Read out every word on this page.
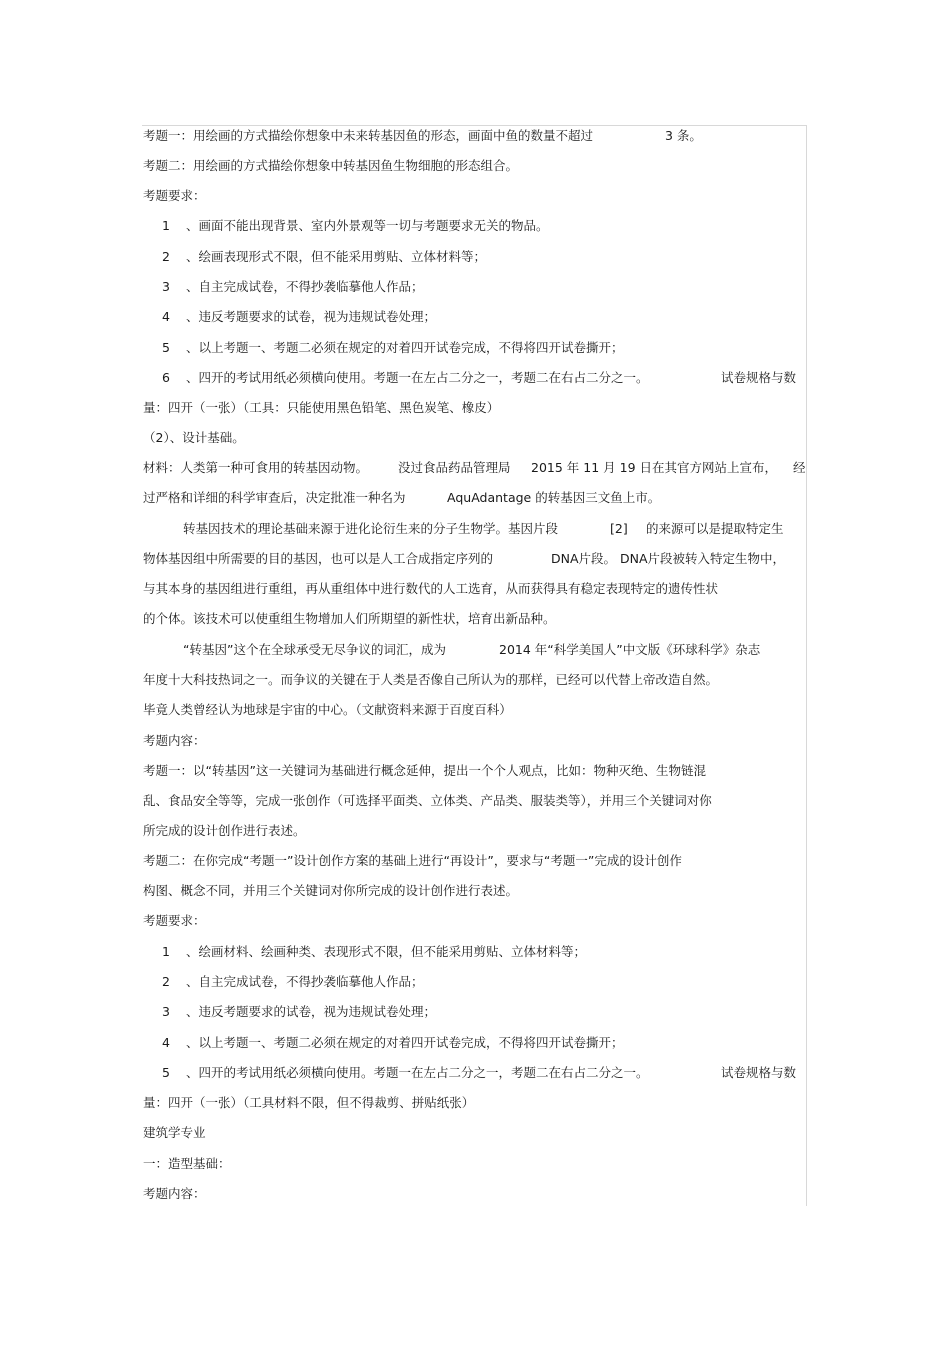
考题一：用绘画的方式描绘你想象中未来转基因鱼的形态，画面中鱼的数量不超过	3 条。
考题二：用绘画的方式描绘你想象中转基因鱼生物细胞的形态组合。
考题要求：
1	、画面不能出现背景、室内外景观等一切与考题要求无关的物品。
2	、绘画表现形式不限，但不能采用剪贴、立体材料等；
3	、自主完成试卷，不得抄袭临摹他人作品；
4	、违反考题要求的试卷，视为违规试卷处理；
5	、以上考题一、考题二必须在规定的对着四开试卷完成，不得将四开试卷撕开；
6	、四开的考试用纸必须横向使用。考题一在左占二分之一，考题二在右占二分之一。	试卷规格与数
量：四开（一张）（工具：只能使用黑色铅笔、黑色炭笔、橡皮）
（2）、设计基础。
材料：人类第一种可食用的转基因动物。 没过食品药品管理局 2015 年 11 月 19 日在其官方网站上宣布， 经
过严格和详细的科学审查后，决定批准一种名为	AquAdantage 的转基因三文鱼上市。
转基因技术的理论基础来源于进化论衍生来的分子生物学。基因片段	[2] 的来源可以是提取特定生
物体基因组中所需要的目的基因，也可以是人工合成指定序列的	DNA片段。 DNA片段被转入特定生物中，
与其本身的基因组进行重组，再从重组体中进行数代的人工选育，从而获得具有稳定表现特定的遗传性状
的个体。该技术可以使重组生物增加人们所期望的新性状，培育出新品种。
“转基因”这个在全球承受无尽争议的词汇，成为	2014 年“科学美国人”中文版《环球科学》杂志
年度十大科技热词之一。而争议的关键在于人类是否像自己所认为的那样，已经可以代替上帝改造自然。
毕竟人类曾经认为地球是宇宙的中心。（文献资料来源于百度百科）
考题内容：
考题一：以“转基因”这一关键词为基础进行概念延伸，提出一个个人观点，比如：物种灭绝、生物链混
乱、食品安全等等，完成一张创作（可选择平面类、立体类、产品类、服装类等），并用三个关键词对你
所完成的设计创作进行表述。
考题二：在你完成“考题一”设计创作方案的基础上进行“再设计”，要求与“考题一”完成的设计创作
构图、概念不同，并用三个关键词对你所完成的设计创作进行表述。
考题要求：
1	、绘画材料、绘画种类、表现形式不限，但不能采用剪贴、立体材料等；
2	、自主完成试卷，不得抄袭临摹他人作品；
3	、违反考题要求的试卷，视为违规试卷处理；
4	、以上考题一、考题二必须在规定的对着四开试卷完成，不得将四开试卷撕开；
5	、四开的考试用纸必须横向使用。考题一在左占二分之一，考题二在右占二分之一。	试卷规格与数
量：四开（一张）（工具材料不限，但不得裁剪、拼贴纸张）
建筑学专业
一：造型基础：
考题内容：
